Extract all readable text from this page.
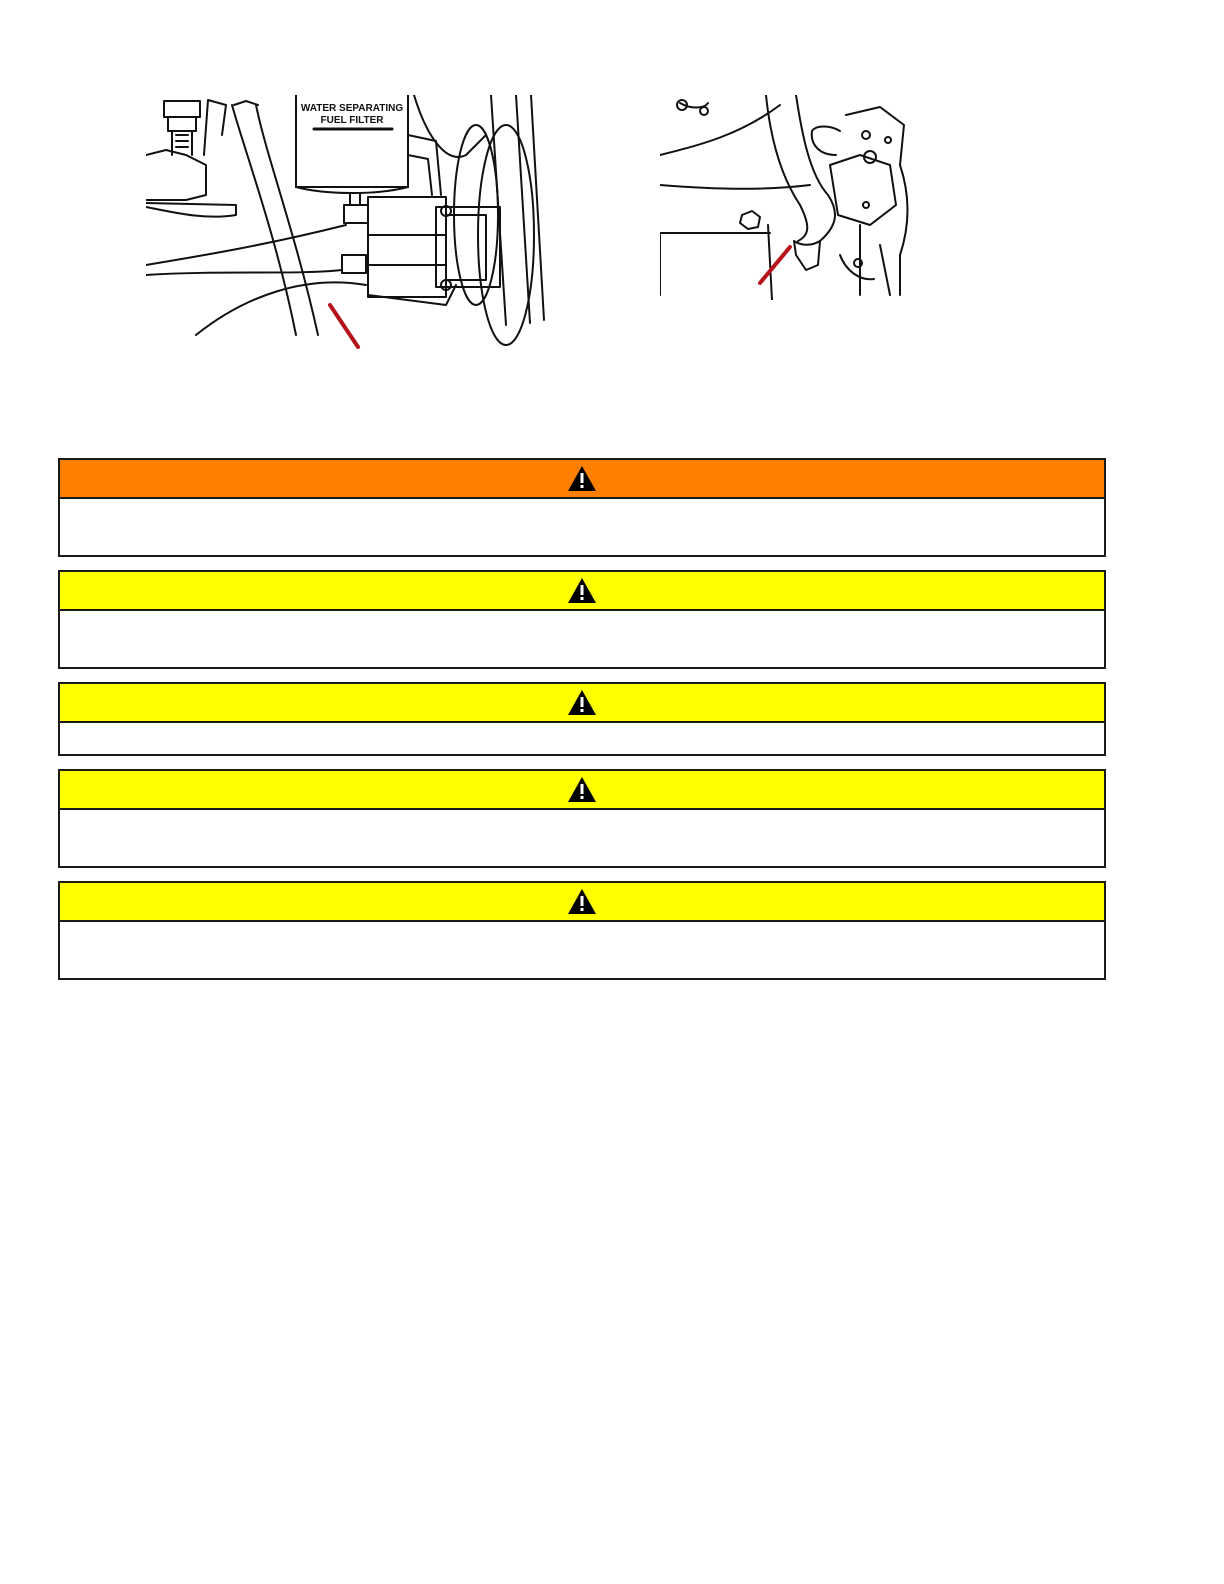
WATER SEPARATING
FUEL FILTER
